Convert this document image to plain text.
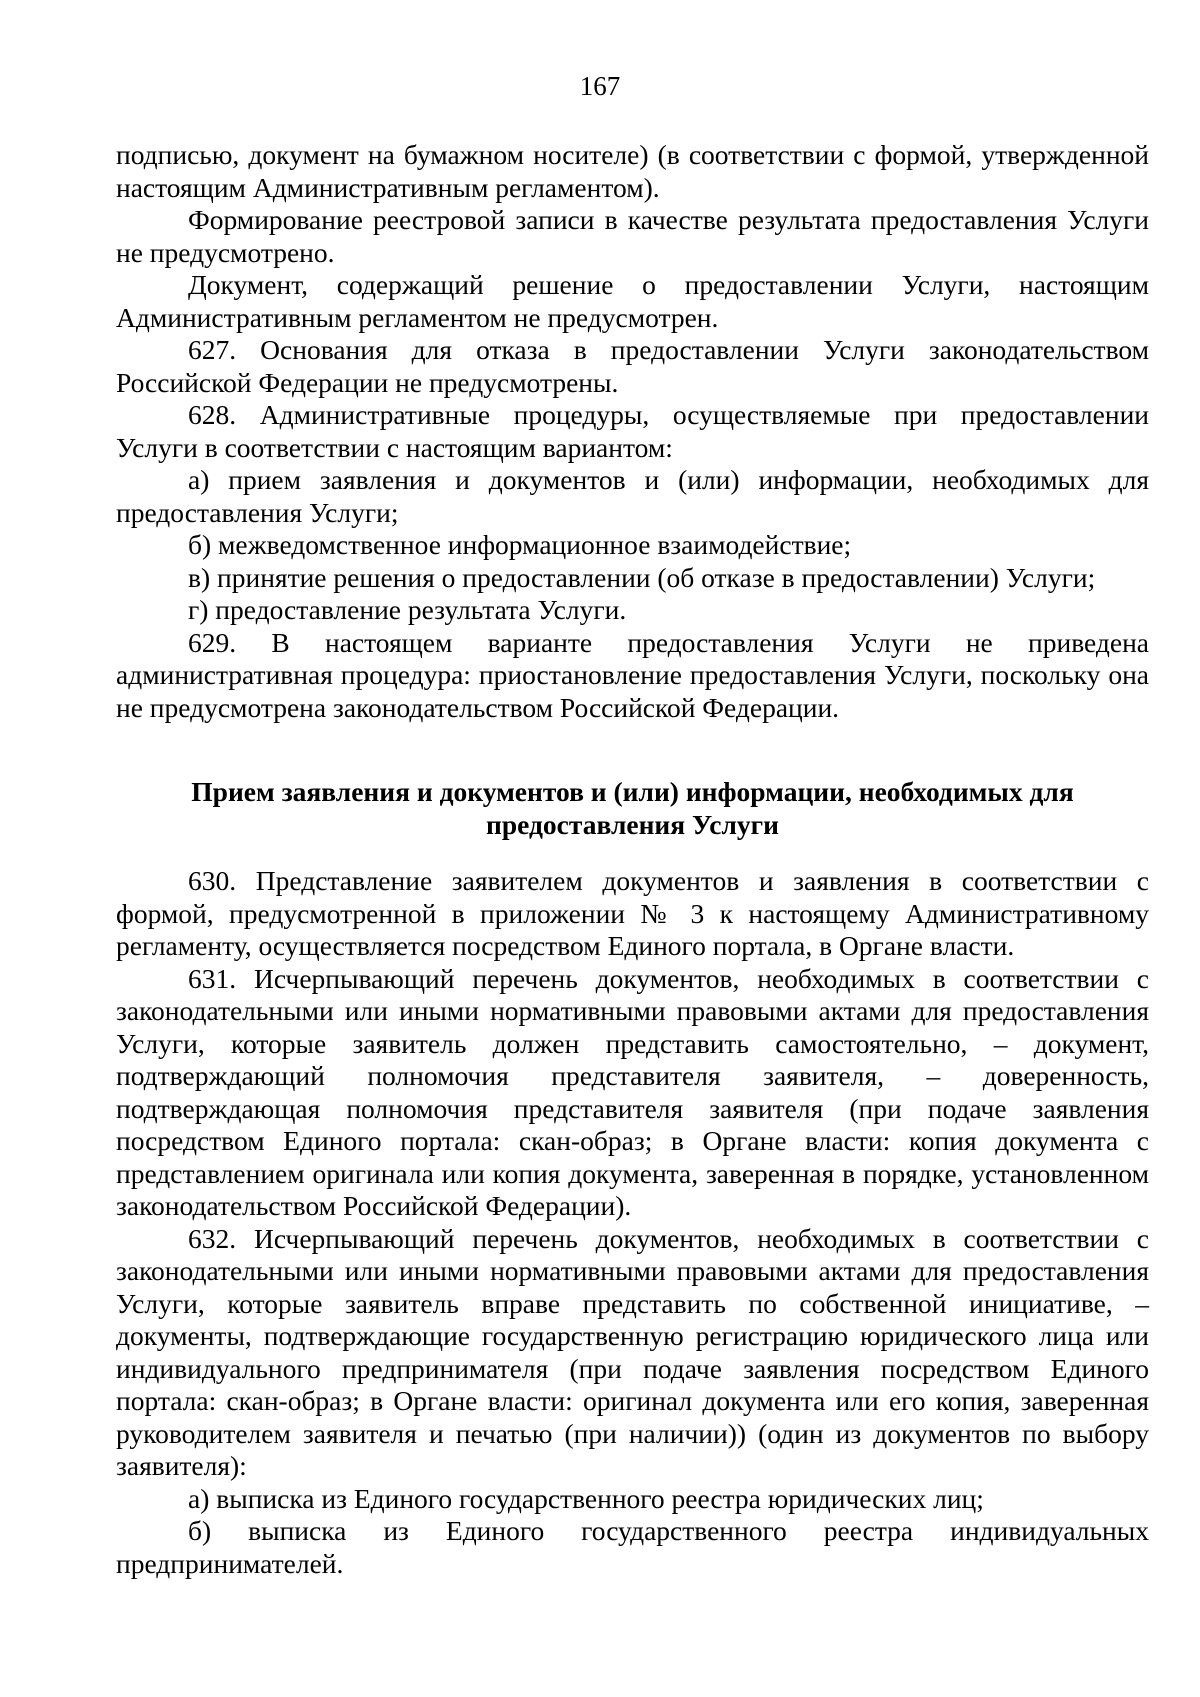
167

подписью, документ на бумажном носителе) (в соответствии с формой, утвержденной настоящим Административным регламентом).

Формирование реестровой записи в качестве результата предоставления Услуги не предусмотрено.

Документ, содержащий решение о предоставлении Услуги, настоящим Административным регламентом не предусмотрен.

627. Основания для отказа в предоставлении Услуги законодательством Российской Федерации не предусмотрены.

628. Административные процедуры, осуществляемые при предоставлении Услуги в соответствии с настоящим вариантом:

а) прием заявления и документов и (или) информации, необходимых для предоставления Услуги;

б) межведомственное информационное взаимодействие;

в) принятие решения о предоставлении (об отказе в предоставлении) Услуги;

г) предоставление результата Услуги.

629. В настоящем варианте предоставления Услуги не приведена административная процедура: приостановление предоставления Услуги, поскольку она не предусмотрена законодательством Российской Федерации.

Прием заявления и документов и (или) информации, необходимых для предоставления Услуги

630. Представление заявителем документов и заявления в соответствии с формой, предусмотренной в приложении № 3 к настоящему Административному регламенту, осуществляется посредством Единого портала, в Органе власти.

631. Исчерпывающий перечень документов, необходимых в соответствии с законодательными или иными нормативными правовыми актами для предоставления Услуги, которые заявитель должен представить самостоятельно, – документ, подтверждающий полномочия представителя заявителя, – доверенность, подтверждающая полномочия представителя заявителя (при подаче заявления посредством Единого портала: скан-образ; в Органе власти: копия документа с представлением оригинала или копия документа, заверенная в порядке, установленном законодательством Российской Федерации).

632. Исчерпывающий перечень документов, необходимых в соответствии с законодательными или иными нормативными правовыми актами для предоставления Услуги, которые заявитель вправе представить по собственной инициативе, – документы, подтверждающие государственную регистрацию юридического лица или индивидуального предпринимателя (при подаче заявления посредством Единого портала: скан-образ; в Органе власти: оригинал документа или его копия, заверенная руководителем заявителя и печатью (при наличии)) (один из документов по выбору заявителя):

а) выписка из Единого государственного реестра юридических лиц;

б) выписка из Единого государственного реестра индивидуальных предпринимателей.
